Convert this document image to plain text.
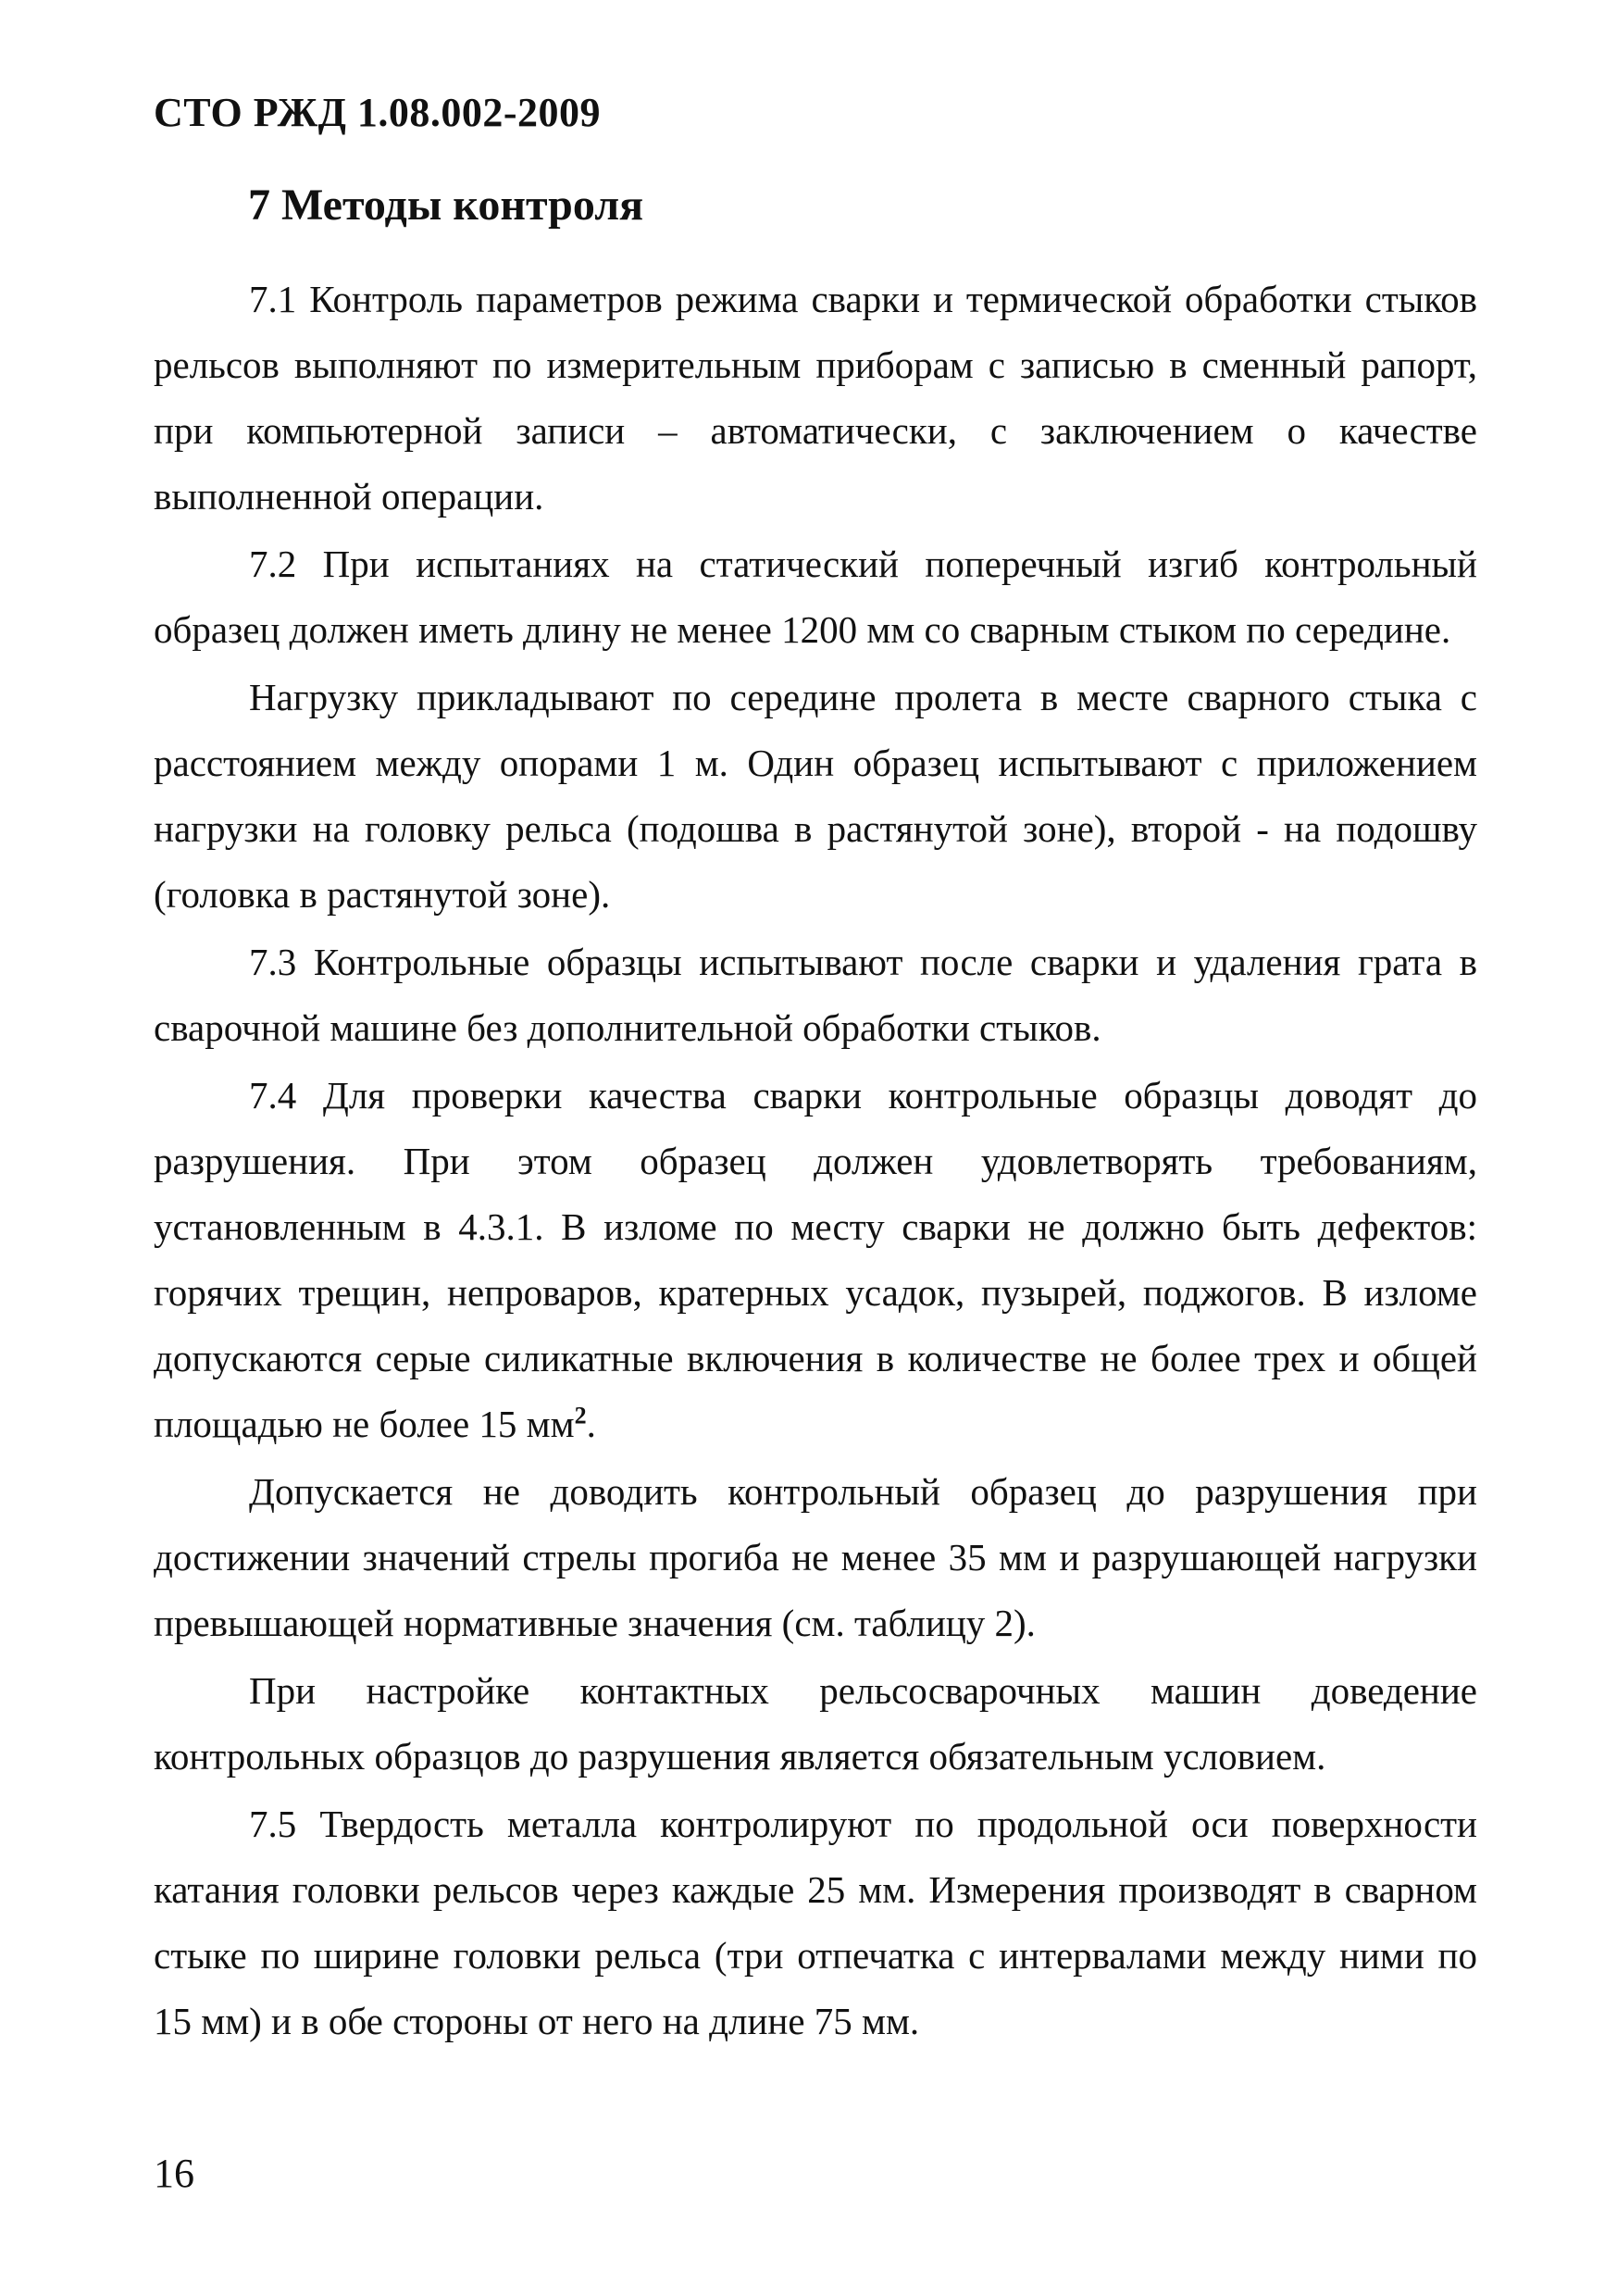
СТО РЖД 1.08.002-2009
7 Методы контроля

7.1 Контроль параметров режима сварки и термической обработки стыков рельсов выполняют по измерительным приборам с записью в сменный рапорт, при компьютерной записи – автоматически, с заключением о качестве выполненной операции.

7.2 При испытаниях на статический поперечный изгиб контрольный образец должен иметь длину не менее 1200 мм со сварным стыком по середине.

Нагрузку прикладывают по середине пролета в месте сварного стыка с расстоянием между опорами 1 м. Один образец испытывают с приложением нагрузки на головку рельса (подошва в растянутой зоне), второй - на подошву (головка в растянутой зоне).

7.3 Контрольные образцы испытывают после сварки и удаления грата в сварочной машине без дополнительной обработки стыков.

7.4 Для проверки качества сварки контрольные образцы доводят до разрушения. При этом образец должен удовлетворять требованиям, установленным в 4.3.1. В изломе по месту сварки не должно быть дефектов: горячих трещин, непроваров, кратерных усадок, пузырей, поджогов. В изломе допускаются серые силикатные включения в количестве не более трех и общей площадью не более 15 $мм^2$.

Допускается не доводить контрольный образец до разрушения при достижении значений стрелы прогиба не менее 35 мм и разрушающей нагрузки превышающей нормативные значения (см. таблицу 2).

При настройке контактных рельсосварочных машин доведение контрольных образцов до разрушения является обязательным условием.

7.5 Твердость металла контролируют по продольной оси поверхности катания головки рельсов через каждые 25 мм. Измерения производят в сварном стыке по ширине головки рельса (три отпечатка с интервалами между ними по 15 мм) и в обе стороны от него на длине 75 мм.

16
